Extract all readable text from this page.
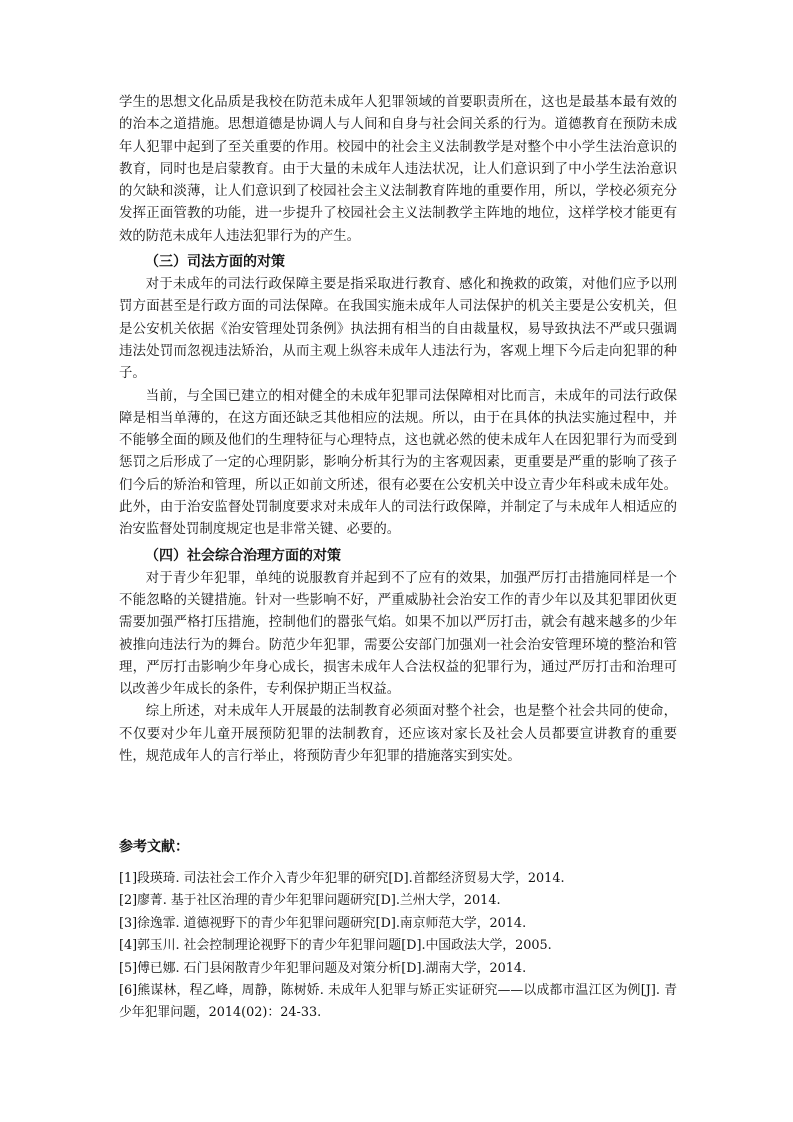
学生的思想文化品质是我校在防范未成年人犯罪领域的首要职责所在，这也是最基本最有效的的治本之道措施。思想道德是协调人与人间和自身与社会间关系的行为。道德教育在预防未成年人犯罪中起到了至关重要的作用。校园中的社会主义法制教学是对整个中小学生法治意识的教育，同时也是启蒙教育。由于大量的未成年人违法状况，让人们意识到了中小学生法治意识的欠缺和淡薄，让人们意识到了校园社会主义法制教育阵地的重要作用，所以，学校必须充分发挥正面管教的功能，进一步提升了校园社会主义法制教学主阵地的地位，这样学校才能更有效的防范未成年人违法犯罪行为的产生。

（三）司法方面的对策

对于未成年的司法行政保障主要是指采取进行教育、感化和挽救的政策，对他们应予以刑罚方面甚至是行政方面的司法保障。在我国实施未成年人司法保护的机关主要是公安机关，但是公安机关依据《治安管理处罚条例》执法拥有相当的自由裁量权，易导致执法不严或只强调违法处罚而忽视违法矫治，从而主观上纵容未成年人违法行为，客观上埋下今后走向犯罪的种子。

当前，与全国已建立的相对健全的未成年犯罪司法保障相对比而言，未成年的司法行政保障是相当单薄的，在这方面还缺乏其他相应的法规。所以，由于在具体的执法实施过程中，并不能够全面的顾及他们的生理特征与心理特点，这也就必然的使未成年人在因犯罪行为而受到惩罚之后形成了一定的心理阴影，影响分析其行为的主客观因素，更重要是严重的影响了孩子们今后的矫治和管理，所以正如前文所述，很有必要在公安机关中设立青少年科或未成年处。此外，由于治安监督处罚制度要求对未成年人的司法行政保障，并制定了与未成年人相适应的治安监督处罚制度规定也是非常关键、必要的。

（四）社会综合治理方面的对策

对于青少年犯罪，单纯的说服教育并起到不了应有的效果，加强严厉打击措施同样是一个不能忽略的关键措施。针对一些影响不好，严重威胁社会治安工作的青少年以及其犯罪团伙更需要加强严格打压措施，控制他们的嚣张气焰。如果不加以严厉打击，就会有越来越多的少年被推向违法行为的舞台。防范少年犯罪，需要公安部门加强刈一社会治安管理环境的整治和管理，严厉打击影响少年身心成长，损害未成年人合法权益的犯罪行为，通过严厉打击和治理可以改善少年成长的条件，专利保护期正当权益。

综上所述，对未成年人开展最的法制教育必须面对整个社会，也是整个社会共同的使命，不仅要对少年儿童开展预防犯罪的法制教育，还应该对家长及社会人员都要宣讲教育的重要性，规范成年人的言行举止，将预防青少年犯罪的措施落实到实处。

参考文献：

[1]段瑛琦. 司法社会工作介入青少年犯罪的研究[D].首都经济贸易大学，2014.

[2]廖菁. 基于社区治理的青少年犯罪问题研究[D].兰州大学，2014.

[3]徐逸霏. 道德视野下的青少年犯罪问题研究[D].南京师范大学，2014.

[4]郭玉川. 社会控制理论视野下的青少年犯罪问题[D].中国政法大学，2005.

[5]傅已娜. 石门县闲散青少年犯罪问题及对策分析[D].湖南大学，2014.

[6]熊谋林，程乙峰，周静，陈树娇. 未成年人犯罪与矫正实证研究——以成都市温江区为例[J]. 青少年犯罪问题，2014(02)：24-33.
